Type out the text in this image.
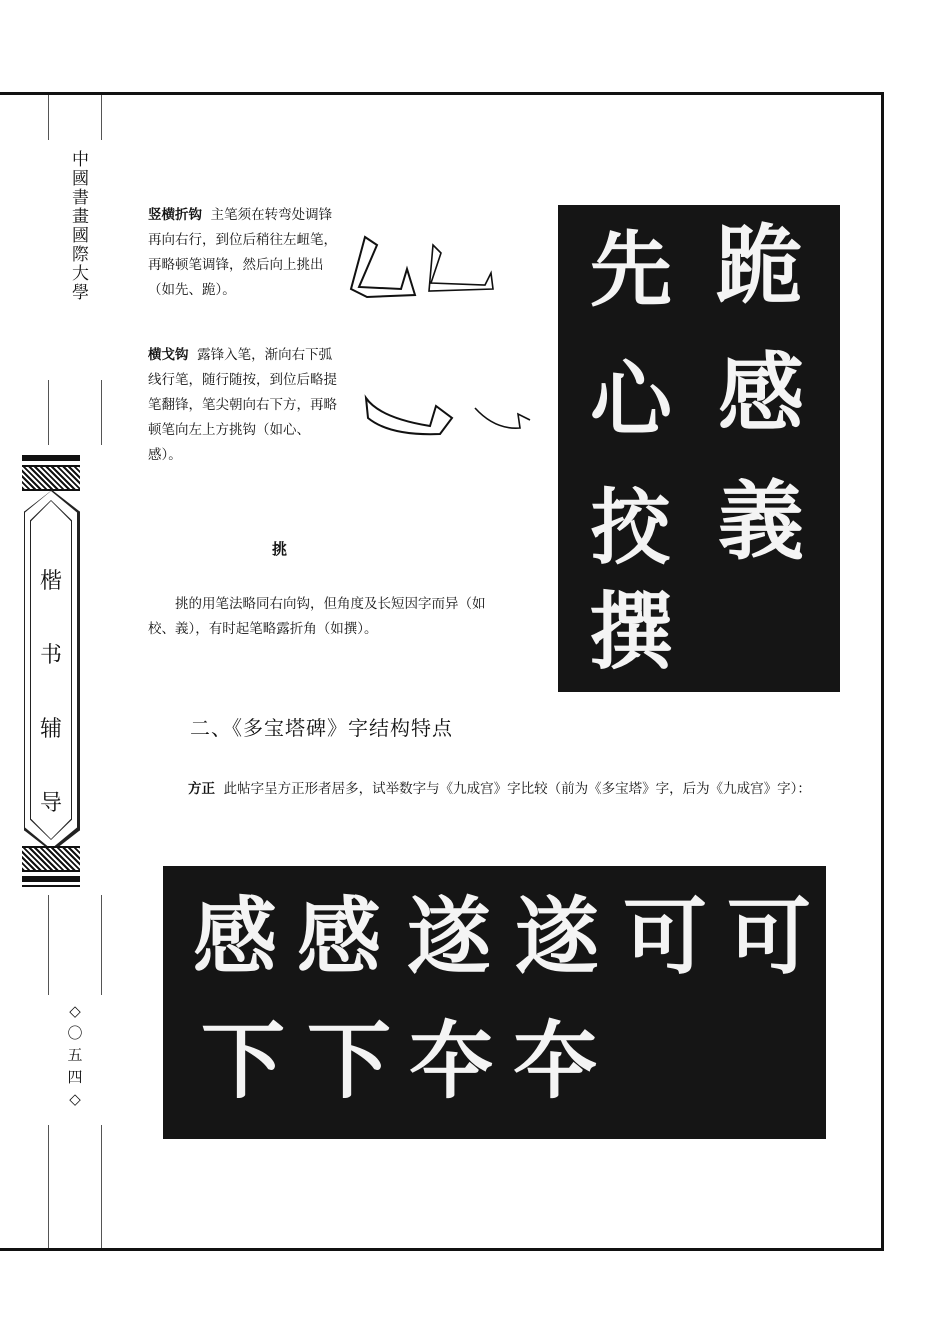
中國書畫國際大學
楷
书
辅
导
◇
〇
五
四
◇
竖横折钩 主笔须在转弯处调锋再向右行，到位后稍往左衄笔，再略顿笔调锋，然后向上挑出（如先、跪）。
横戈钩 露锋入笔，渐向右下弧线行笔，随行随按，到位后略提笔翻锋，笔尖朝向右下方，再略顿笔向左上方挑钩（如心、感）。
跪
先
感
心
義
挍
撰
挑
挑的用笔法略同右向钩，但角度及长短因字而异（如校、義），有时起笔略露折角（如撰）。
二、《多宝塔碑》字结构特点
方正 此帖字呈方正形者居多，试举数字与《九成宫》字比较（前为《多宝塔》字，后为《九成宫》字）：
感 感 遂 遂 可 可
下 下 夲 夲
